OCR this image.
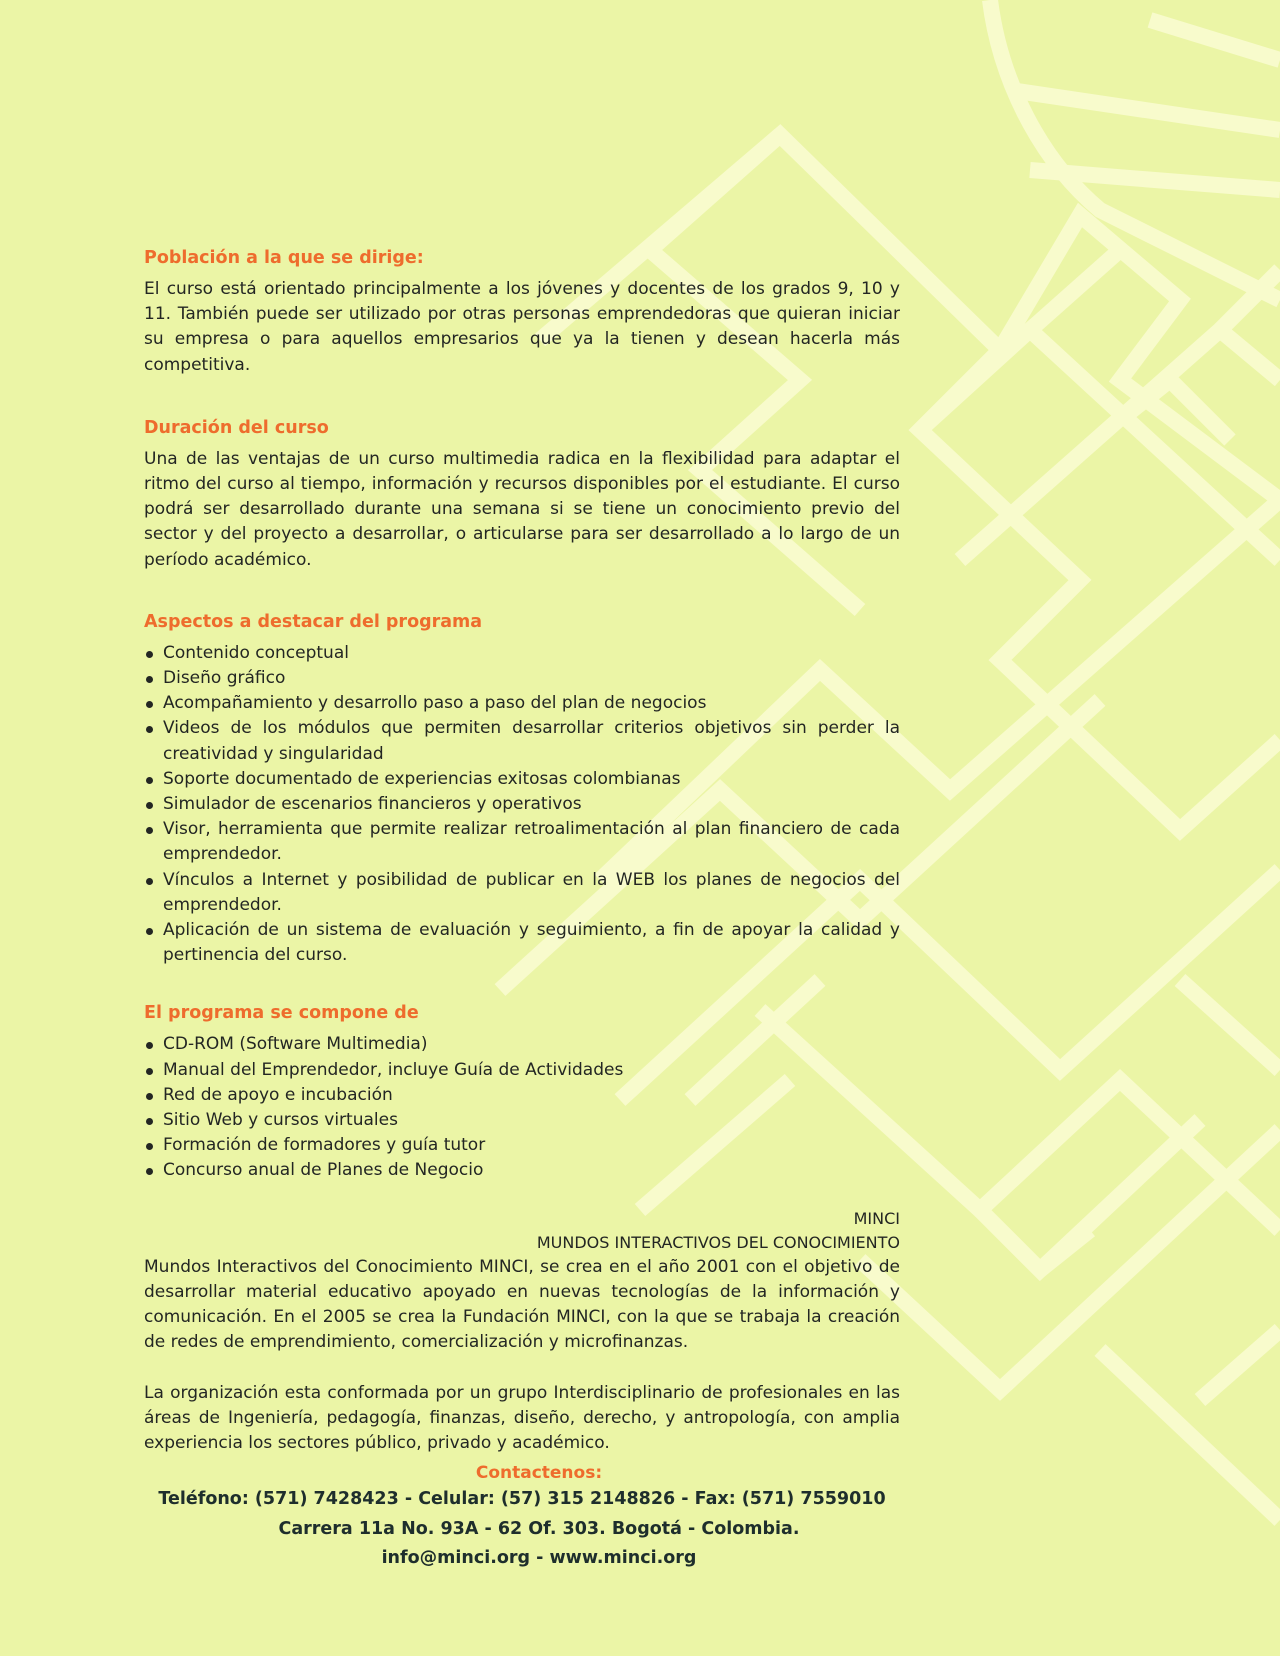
Población a la que se dirige:

El curso está orientado principalmente a los jóvenes y docentes de los grados 9, 10 y 11. También puede ser utilizado por otras personas emprendedoras que quieran iniciar su empresa o para aquellos empresarios que ya la tienen y desean hacerla más competitiva.

Duración del curso

Una de las ventajas de un curso multimedia radica en la flexibilidad para adaptar el ritmo del curso al tiempo, información y recursos disponibles por el estudiante. El curso podrá ser desarrollado durante una semana si se tiene un conocimiento previo del sector y del proyecto a desarrollar, o articularse para ser desarrollado a lo largo de un período académico.

Aspectos a destacar del programa
Contenido conceptual
Diseño gráfico
Acompañamiento y desarrollo paso a paso del plan de negocios
Videos de los módulos que permiten desarrollar criterios objetivos sin perder la creatividad y singularidad
Soporte documentado de experiencias exitosas colombianas
Simulador de escenarios financieros y operativos
Visor, herramienta que permite realizar retroalimentación al plan financiero de cada emprendedor.
Vínculos a Internet y posibilidad de publicar en la WEB los planes de negocios del emprendedor.
Aplicación de un sistema de evaluación y seguimiento, a fin de apoyar la calidad y pertinencia del curso.
El programa se compone de
CD-ROM (Software Multimedia)
Manual del Emprendedor, incluye Guía de Actividades
Red de apoyo e incubación
Sitio Web y cursos virtuales
Formación de formadores y guía tutor
Concurso anual de Planes de Negocio
MINCI
MUNDOS INTERACTIVOS DEL CONOCIMIENTO

Mundos Interactivos del Conocimiento MINCI, se crea en el año 2001 con el objetivo de desarrollar material educativo apoyado en nuevas tecnologías de la información y comunicación. En el 2005 se crea la Fundación MINCI, con la que se trabaja la creación de redes de emprendimiento, comercialización y microfinanzas.

La organización esta conformada por un grupo Interdisciplinario de profesionales en las áreas de Ingeniería, pedagogía, finanzas, diseño, derecho, y antropología, con amplia experiencia los sectores público, privado y académico.

Contactenos:

Teléfono: (571) 7428423 - Celular: (57) 315 2148826 - Fax: (571) 7559010

Carrera 11a No. 93A - 62 Of. 303. Bogotá - Colombia.

info@minci.org - www.minci.org
